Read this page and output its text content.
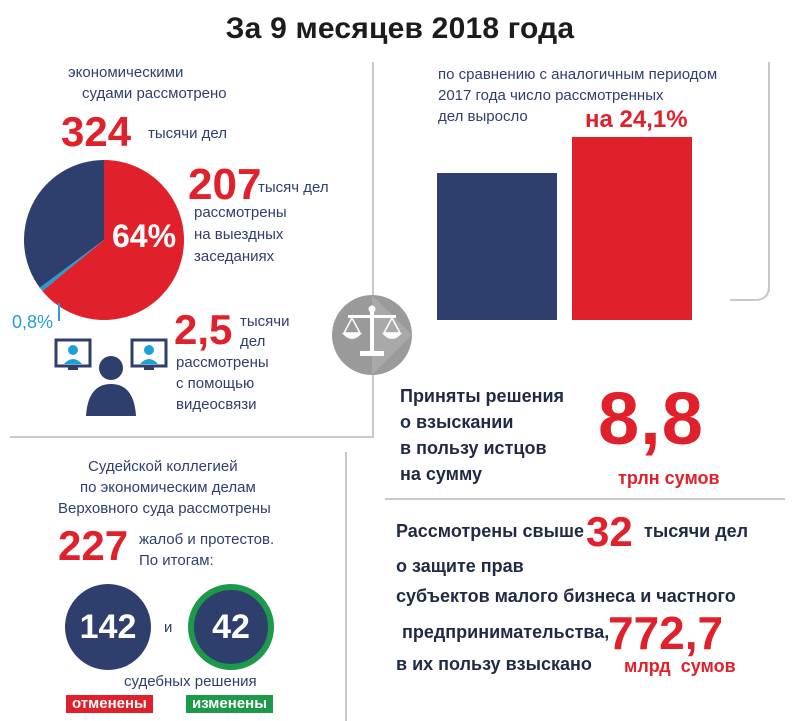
За 9 месяцев 2018 года
экономическими
судами рассмотрено
324 тысячи дел
64%
0,8%
207
тысяч дел
рассмотрены
на выездных
заседаниях
2,5 тысячи
дел
рассмотрены
с помощью
видеосвязи
по сравнению с аналогичным периодом
2017 года число рассмотренных
дел выросло на 24,1%
Приняты решения
о взыскании
в пользу истцов
на сумму
8,8
трлн сумов
Рассмотрены свыше 32 тысячи дел
о защите прав
субъектов малого бизнеса и частного
предпринимательства,
в их пользу взыскано
772,7
млрд  сумов
Судейской коллегией
по экономическим делам
Верховного суда рассмотрены
227 жалоб и протестов.
По итогам:
142 и 42
судебных решения
отменены	изменены
